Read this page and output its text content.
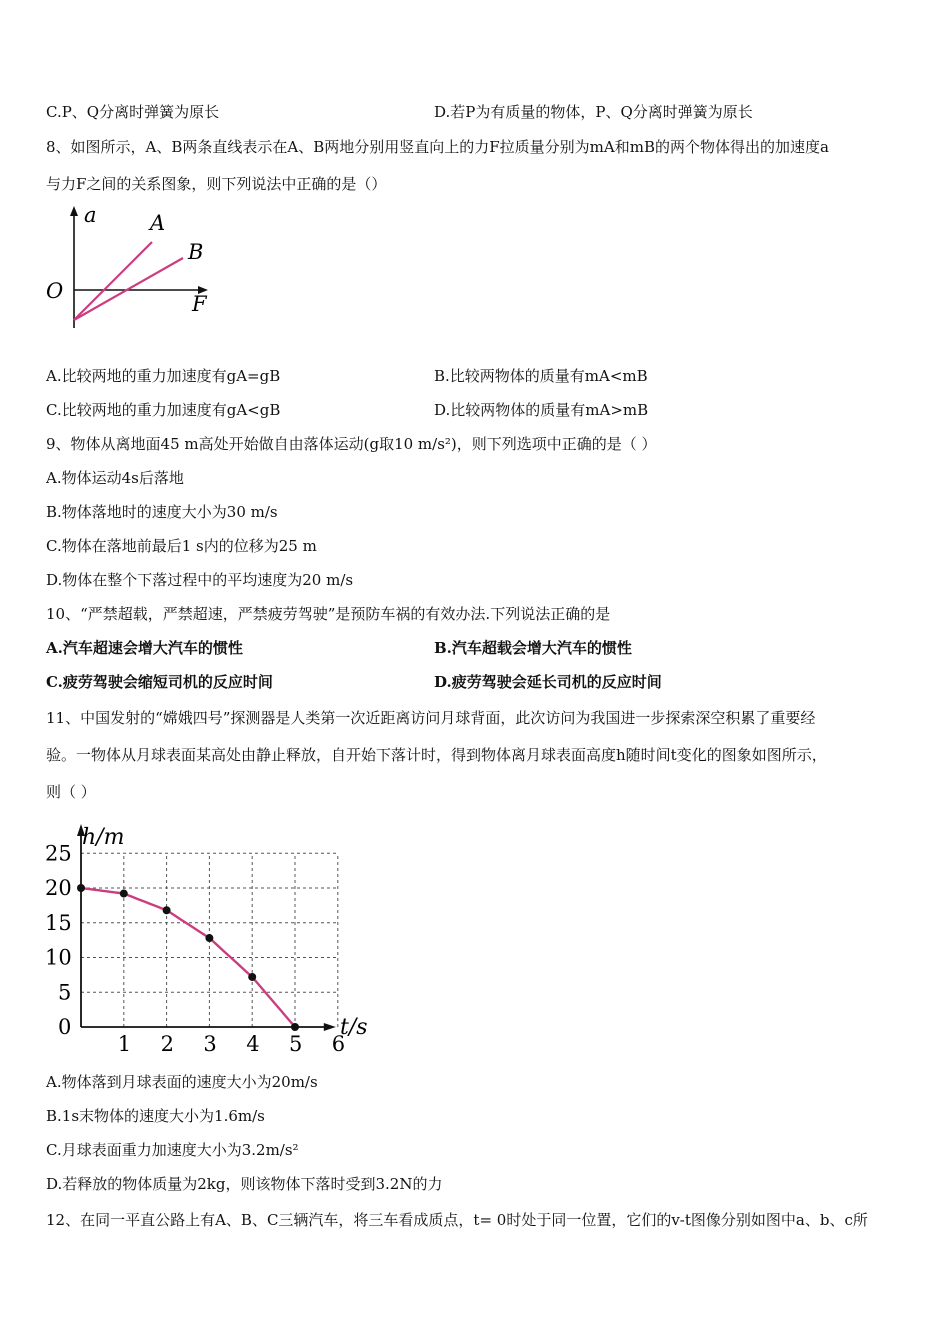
C.P、Q分离时弹簧为原长	D.若P为有质量的物体，P、Q分离时弹簧为原长
8、如图所示，A、B两条直线表示在A、B两地分别用竖直向上的力F拉质量分别为mA和mB的两个物体得出的加速度a
与力F之间的关系图象，则下列说法中正确的是（）
a
O
F
A
B
A.比较两地的重力加速度有gA=gB	B.比较两物体的质量有mA<mB
C.比较两地的重力加速度有gA<gB	D.比较两物体的质量有mA>mB
9、物体从离地面45 m高处开始做自由落体运动(g取10 m/s²)，则下列选项中正确的是（ ）
A.物体运动4s后落地
B.物体落地时的速度大小为30 m/s
C.物体在落地前最后1 s内的位移为25 m
D.物体在整个下落过程中的平均速度为20 m/s
10、“严禁超载，严禁超速，严禁疲劳驾驶”是预防车祸的有效办法.下列说法正确的是
A.汽车超速会增大汽车的惯性	B.汽车超载会增大汽车的惯性
C.疲劳驾驶会缩短司机的反应时间	D.疲劳驾驶会延长司机的反应时间
11、中国发射的“嫦娥四号”探测器是人类第一次近距离访问月球背面，此次访问为我国进一步探索深空积累了重要经
验。一物体从月球表面某高处由静止释放，自开始下落计时，得到物体离月球表面高度h随时间t变化的图象如图所示，
则（ ）
1 2 3 4 5 6
0
5
10
15
20
25
h/m
t/s
A.物体落到月球表面的速度大小为20m/s
B.1s末物体的速度大小为1.6m/s
C.月球表面重力加速度大小为3.2m/s²
D.若释放的物体质量为2kg，则该物体下落时受到3.2N的力
12、在同一平直公路上有A、B、C三辆汽车，将三车看成质点，t= 0时处于同一位置，它们的v-t图像分别如图中a、b、c所
